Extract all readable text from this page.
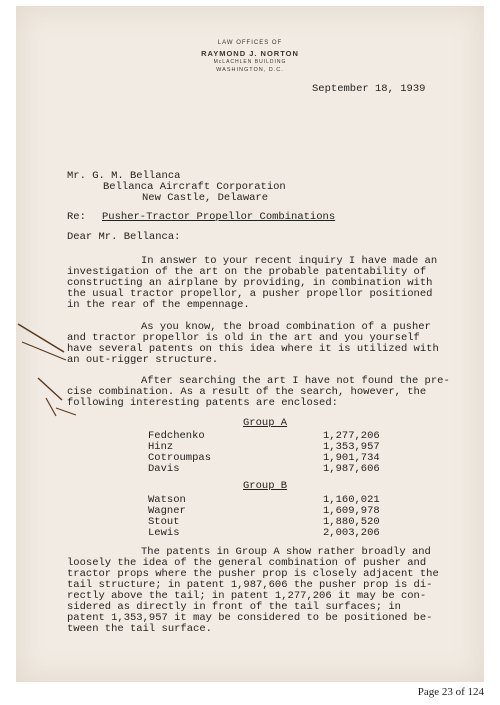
LAW OFFICES OF
RAYMOND J. NORTON
McLACHLEN BUILDING
WASHINGTON, D.C.
September 18, 1939
Mr. G. M. Bellanca
Bellanca Aircraft Corporation
New Castle, Delaware
Re: Pusher-Tractor Propellor Combinations
Dear Mr. Bellanca:
In answer to your recent inquiry I have made an
investigation of the art on the probable patentability of
constructing an airplane by providing, in combination with
the usual tractor propellor, a pusher propellor positioned
in the rear of the empennage.
As you know, the broad combination of a pusher
and tractor propellor is old in the art and you yourself
have several patents on this idea where it is utilized with
an out-rigger structure.
After searching the art I have not found the pre-
cise combination. As a result of the search, however, the
following interesting patents are enclosed:
Group A
Fedchenko	1,277,206
Hinz	1,353,957
Cotroumpas	1,901,734
Davis	1,987,606
Group B
Watson	1,160,021
Wagner	1,609,978
Stout	1,880,520
Lewis	2,003,206
The patents in Group A show rather broadly and
loosely the idea of the general combination of pusher and
tractor props where the pusher prop is closely adjacent the
tail structure; in patent 1,987,606 the pusher prop is di-
rectly above the tail; in patent 1,277,206 it may be con-
sidered as directly in front of the tail surfaces; in
patent 1,353,957 it may be considered to be positioned be-
tween the tail surface.
Page 23 of 124
